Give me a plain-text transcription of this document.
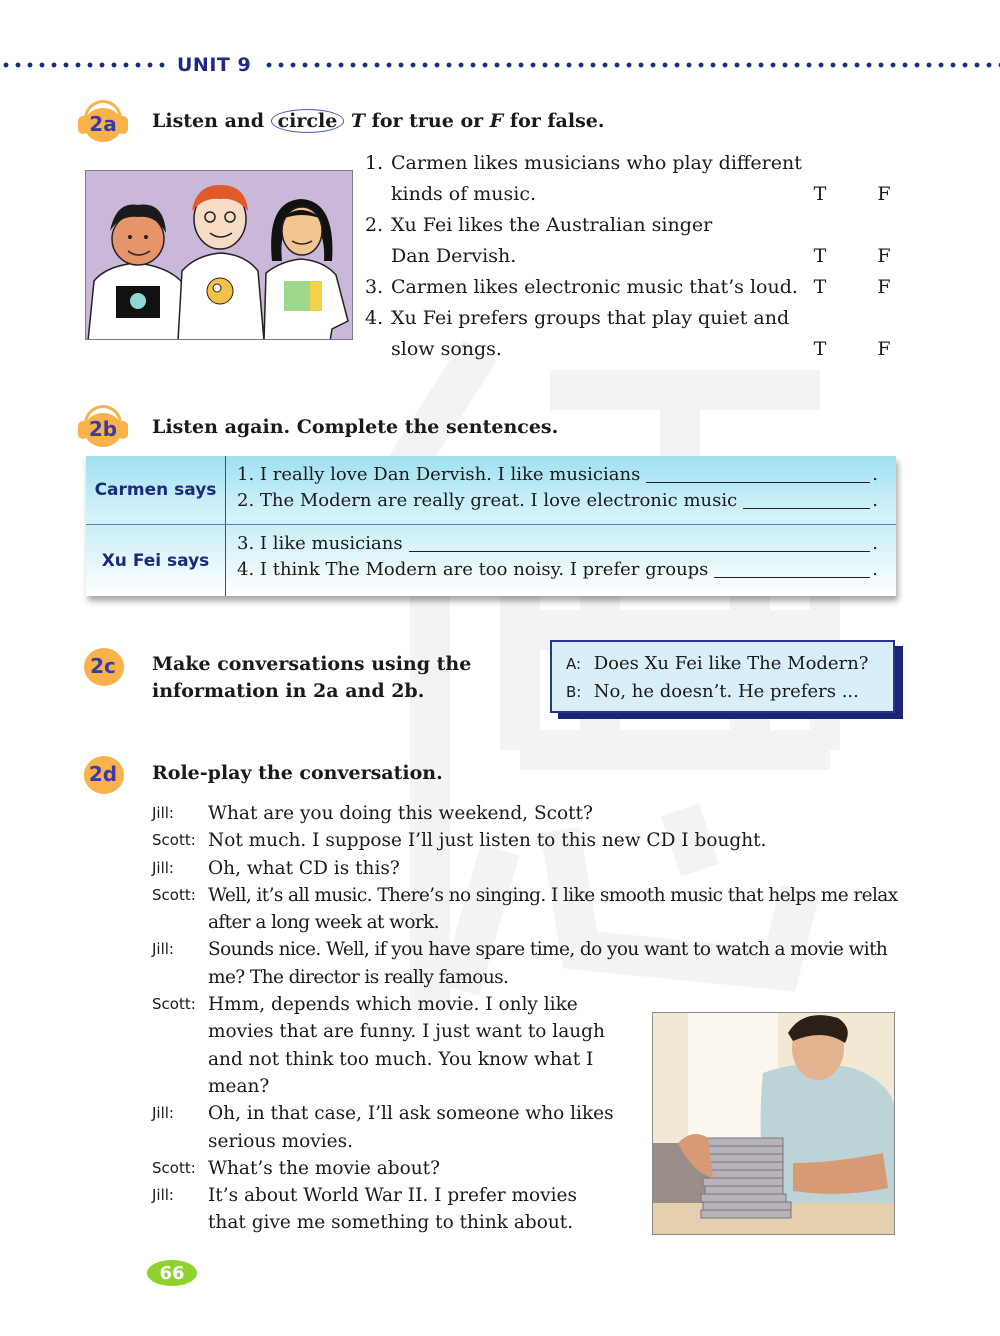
UNIT 9
2a Listen and circle T for true or F for false.
1. Carmen likes musicians who play different
kinds of music.	T	F
2. Xu Fei likes the Australian singer
Dan Dervish.	T	F
3. Carmen likes electronic music that’s loud. T	F
4. Xu Fei prefers groups that play quiet and
slow songs.	T	F
2b Listen again. Complete the sentences.
Carmen says
1. I really love Dan Dervish. I like musicians	.
2. The Modern are really great. I love electronic music	.
Xu Fei says
3. I like musicians	.
4. I think The Modern are too noisy. I prefer groups	.
2c Make conversations using the
information in 2a and 2b.
A: Does Xu Fei like The Modern?
B: No, he doesn’t. He prefers ...
2d Role-play the conversation.
Jill:	What are you doing this weekend, Scott?
Scott: Not much. I suppose I’ll just listen to this new CD I bought.
Jill:	Oh, what CD is this?
Scott: Well, it’s all music. There’s no singing. I like smooth music that helps me relax after a long week at work.
Jill:	Sounds nice. Well, if you have spare time, do you want to watch a movie with me? The director is really famous.
Scott: Hmm, depends which movie. I only like movies that are funny. I just want to laugh and not think too much. You know what I mean?
Jill:	Oh, in that case, I’ll ask someone who likes serious movies.
Scott: What’s the movie about?
Jill:	It’s about World War II. I prefer movies that give me something to think about.
66
